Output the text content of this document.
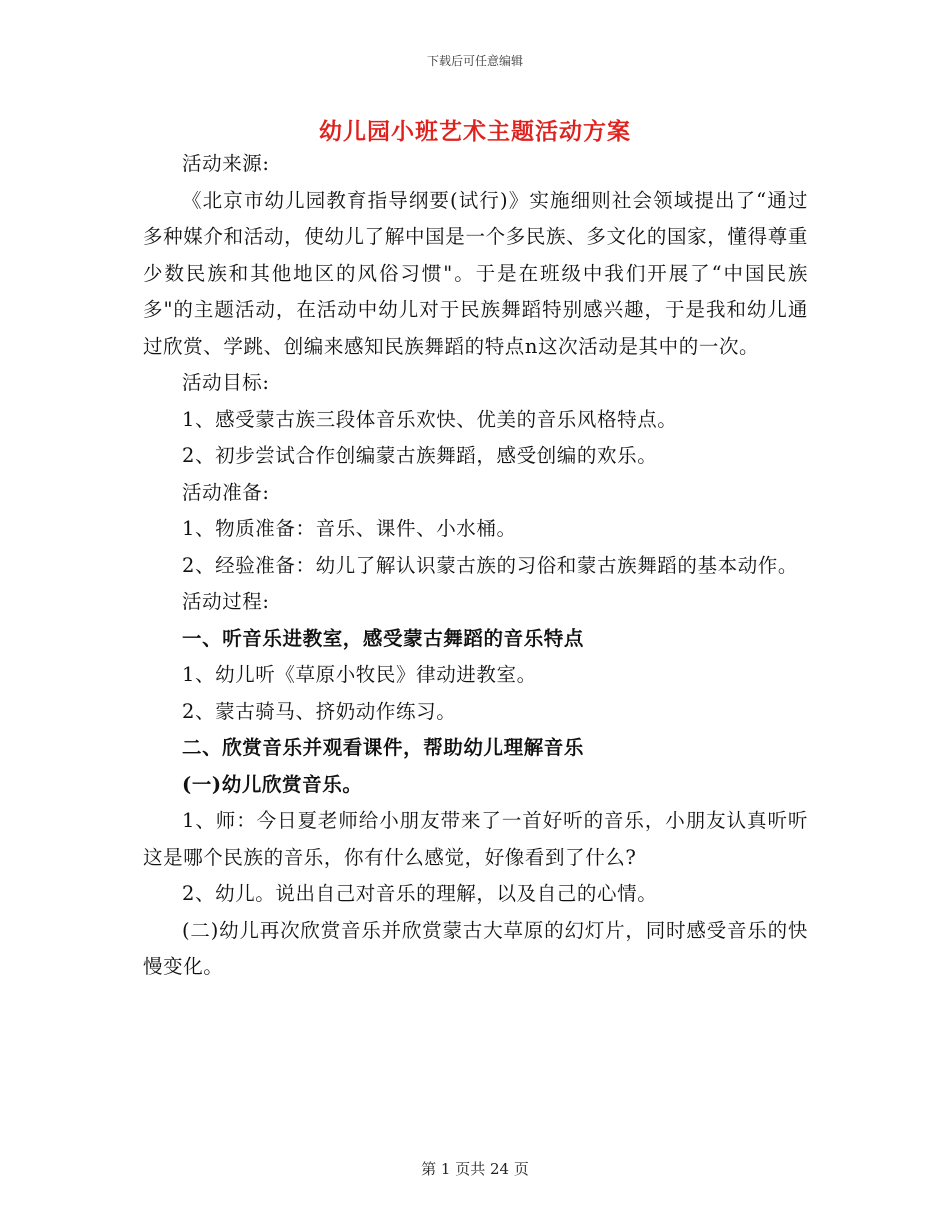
下载后可任意编辑
幼儿园小班艺术主题活动方案

活动来源:

《北京市幼儿园教育指导纲要(试行)》实施细则社会领域提出了“通过多种媒介和活动，使幼儿了解中国是一个多民族、多文化的国家，懂得尊重少数民族和其他地区的风俗习惯"。于是在班级中我们开展了“中国民族多"的主题活动，在活动中幼儿对于民族舞蹈特别感兴趣，于是我和幼儿通过欣赏、学跳、创编来感知民族舞蹈的特点n这次活动是其中的一次。

活动目标:

1、感受蒙古族三段体音乐欢快、优美的音乐风格特点。

2、初步尝试合作创编蒙古族舞蹈，感受创编的欢乐。

活动准备:

1、物质准备：音乐、课件、小水桶。

2、经验准备：幼儿了解认识蒙古族的习俗和蒙古族舞蹈的基本动作。

活动过程:

一、听音乐进教室，感受蒙古舞蹈的音乐特点

1、幼儿听《草原小牧民》律动进教室。

2、蒙古骑马、挤奶动作练习。

二、欣赏音乐并观看课件，帮助幼儿理解音乐

(一)幼儿欣赏音乐。

1、师：今日夏老师给小朋友带来了一首好听的音乐，小朋友认真听听这是哪个民族的音乐，你有什么感觉，好像看到了什么?

2、幼儿。说出自己对音乐的理解，以及自己的心情。

(二)幼儿再次欣赏音乐并欣赏蒙古大草原的幻灯片，同时感受音乐的快慢变化。

第 1 页共 24 页
